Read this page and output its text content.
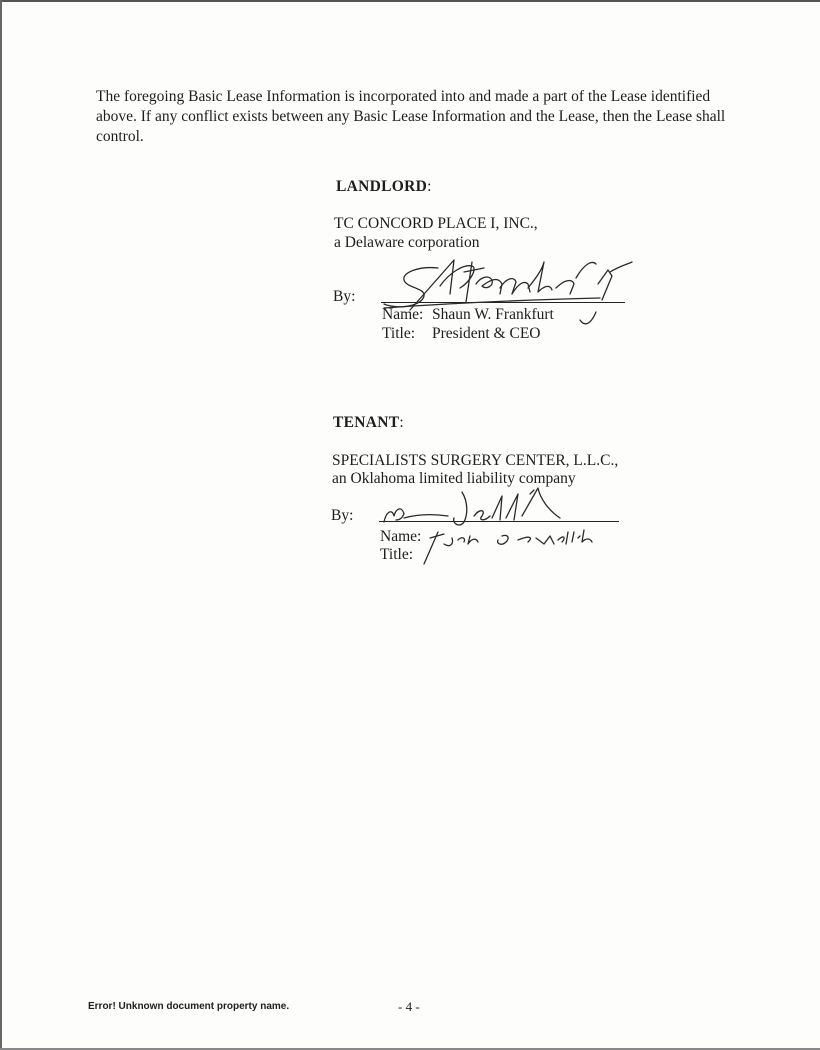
The foregoing Basic Lease Information is incorporated into and made a part of the Lease identified above. If any conflict exists between any Basic Lease Information and the Lease, then the Lease shall control.

LANDLORD:
TC CONCORD PLACE I, INC.,
a Delaware corporation
By:
Name: Shaun W. Frankfurt
Title: President & CEO
TENANT:
SPECIALISTS SURGERY CENTER, L.L.C.,
an Oklahoma limited liability company
By:
Name:
Title:
Error! Unknown document property name.	- 4 -
